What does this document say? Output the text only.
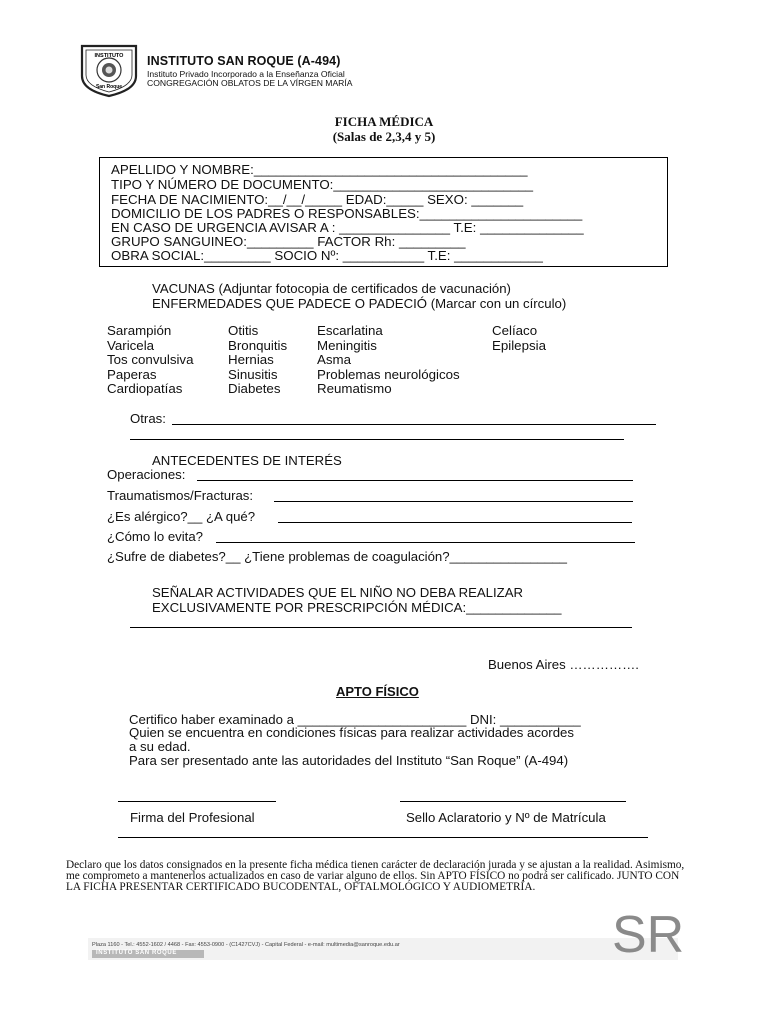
INSTITUTO
San Roque
INSTITUTO SAN ROQUE (A-494)
Instituto Privado Incorporado a la Enseñanza Oficial
CONGREGACIÓN OBLATOS DE LA VÍRGEN MARÍA
FICHA MÉDICA
(Salas de 2,3,4 y 5)
APELLIDO Y NOMBRE:_____________________________________
TIPO Y NÚMERO DE DOCUMENTO:___________________________
FECHA DE NACIMIENTO:__/__/_____ EDAD:_____ SEXO: _______
DOMICILIO DE LOS PADRES O RESPONSABLES:______________________
EN CASO DE URGENCIA AVISAR A : _______________ T.E: ______________
GRUPO SANGUINEO:_________ FACTOR Rh: _________
OBRA SOCIAL:_________ SOCIO Nº: ___________ T.E: ____________
VACUNAS (Adjuntar fotocopia de certificados de vacunación)
ENFERMEDADES QUE PADECE O PADECIÓ (Marcar con un círculo)
Sarampión
Varicela
Tos convulsiva
Paperas
Cardiopatías
Otitis
Bronquitis
Hernias
Sinusitis
Diabetes
Escarlatina
Meningitis
Asma
Problemas neurológicos
Reumatismo
Celíaco
Epilepsia
Otras:
ANTECEDENTES DE INTERÉS
Operaciones:
Traumatismos/Fracturas:
¿Es alérgico?__ ¿A qué?
¿Cómo lo evita?
¿Sufre de diabetes?__ ¿Tiene problemas de coagulación?________________
SEÑALAR ACTIVIDADES QUE EL NIÑO NO DEBA REALIZAR
EXCLUSIVAMENTE POR PRESCRIPCIÓN MÉDICA:_____________
Buenos Aires …………….
APTO FÍSICO
Certifico haber examinado a _______________________ DNI: ___________
Quien se encuentra en condiciones físicas para realizar actividades acordes
a su edad.
Para ser presentado ante las autoridades del Instituto “San Roque” (A-494)
Firma del Profesional	Sello Aclaratorio y Nº de Matrícula
Declaro que los datos consignados en la presente ficha médica tienen carácter de declaración jurada y se ajustan a la realidad. Asimismo, me comprometo a mantenerlos actualizados en caso de variar alguno de ellos. Sin APTO FÍSICO no podrá ser calificado. JUNTO CON LA FICHA PRESENTAR CERTIFICADO BUCODENTAL, OFTALMOLÓGICO Y AUDIOMETRÍA.
Plaza 1160 - Tel.: 4552-1602 / 4468 - Fax: 4553-0900 - (C1427CVJ) - Capital Federal - e-mail: multimedia@sanroque.edu.ar
INSTITUTO SAN ROQUE	SR
